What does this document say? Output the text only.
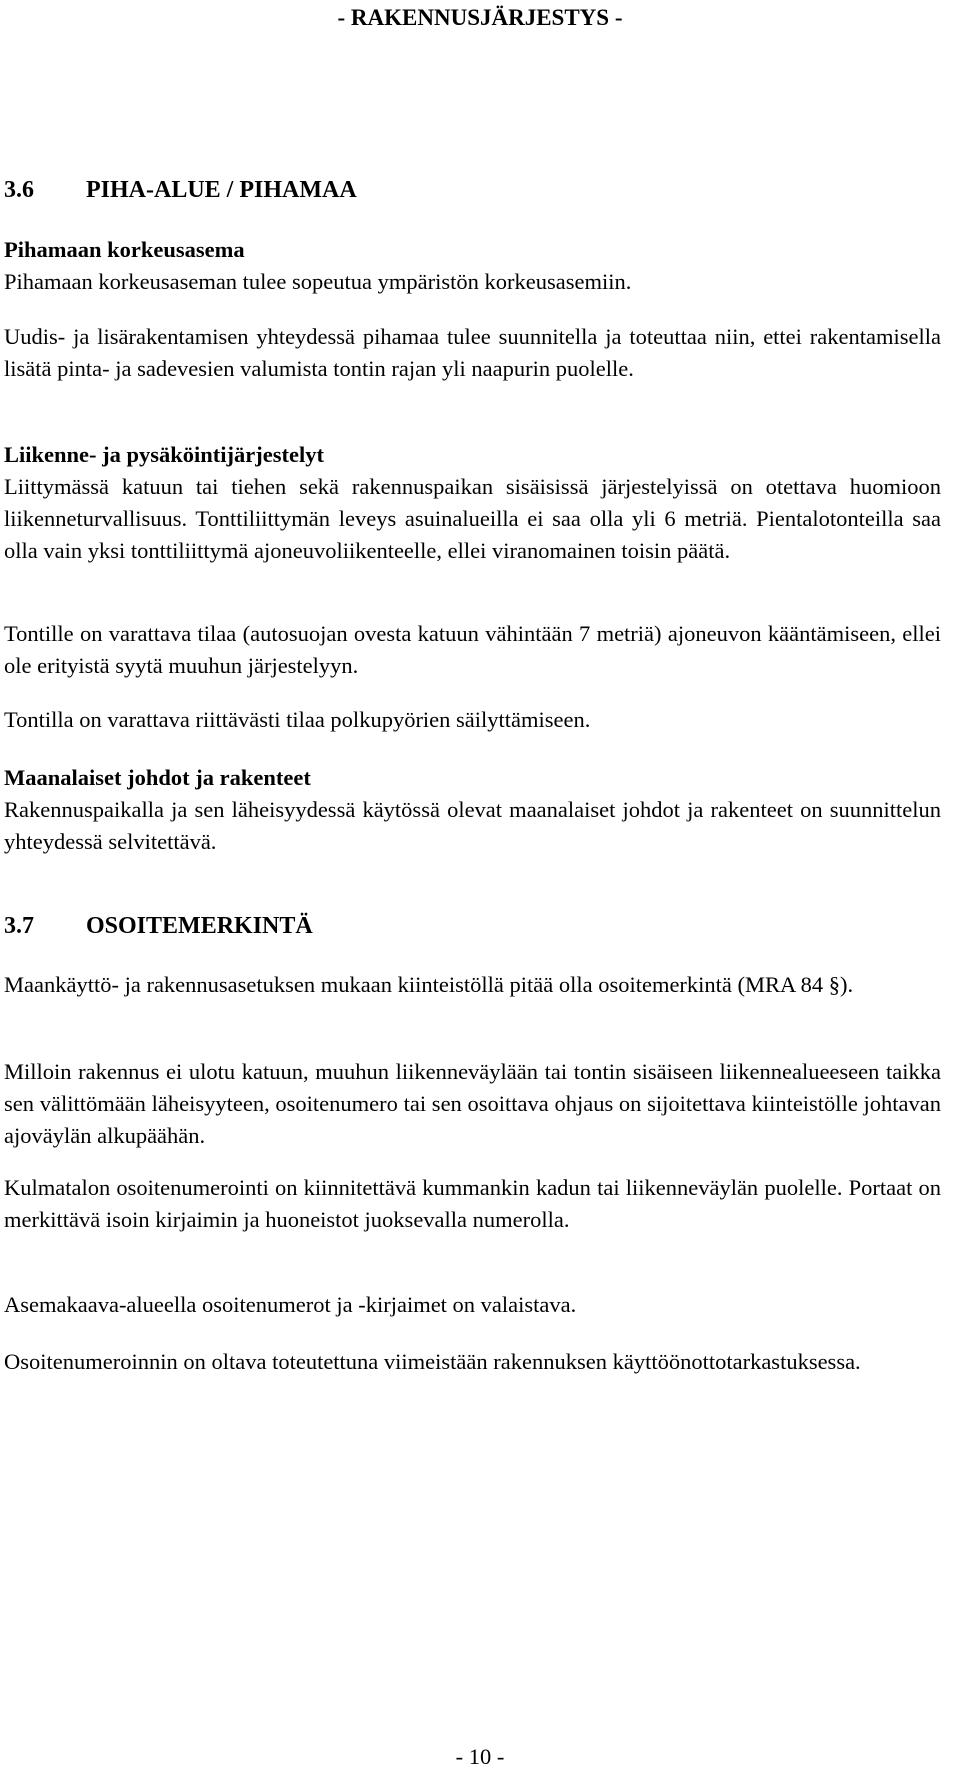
- RAKENNUSJÄRJESTYS -
3.6 PIHA-ALUE / PIHAMAA
Pihamaan korkeusasema
Pihamaan korkeusaseman tulee sopeutua ympäristön korkeusasemiin.
Uudis- ja lisärakentamisen yhteydessä pihamaa tulee suunnitella ja toteuttaa niin, ettei rakentamisella lisätä pinta- ja sadevesien valumista tontin rajan yli naapurin puolelle.
Liikenne- ja pysäköintijärjestelyt
Liittymässä katuun tai tiehen sekä rakennuspaikan sisäisissä järjestelyissä on otettava huomioon liikenneturvallisuus. Tonttiliittymän leveys asuinalueilla ei saa olla yli 6 metriä. Pientalotonteilla saa olla vain yksi tonttiliittymä ajoneuvoliikenteelle, ellei viranomainen toisin päätä.
Tontille on varattava tilaa (autosuojan ovesta katuun vähintään 7 metriä) ajoneuvon kääntämiseen, ellei ole erityistä syytä muuhun järjestelyyn.
Tontilla on varattava riittävästi tilaa polkupyörien säilyttämiseen.
Maanalaiset johdot ja rakenteet
Rakennuspaikalla ja sen läheisyydessä käytössä olevat maanalaiset johdot ja rakenteet on suunnittelun yhteydessä selvitettävä.
3.7 OSOITEMERKINTÄ
Maankäyttö- ja rakennusasetuksen mukaan kiinteistöllä pitää olla osoitemerkintä (MRA 84 §).
Milloin rakennus ei ulotu katuun, muuhun liikenneväylään tai tontin sisäiseen liikennealueeseen taikka sen välittömään läheisyyteen, osoitenumero tai sen osoittava ohjaus on sijoitettava kiinteistölle johtavan ajoväylän alkupäähän.
Kulmatalon osoitenumerointi on kiinnitettävä kummankin kadun tai liikenneväylän puolelle. Portaat on merkittävä isoin kirjaimin ja huoneistot juoksevalla numerolla.
Asemakaava-alueella osoitenumerot ja -kirjaimet on valaistava.
Osoitenumeroinnin on oltava toteutettuna viimeistään rakennuksen käyttöönottotarkastuksessa.
- 10 -
